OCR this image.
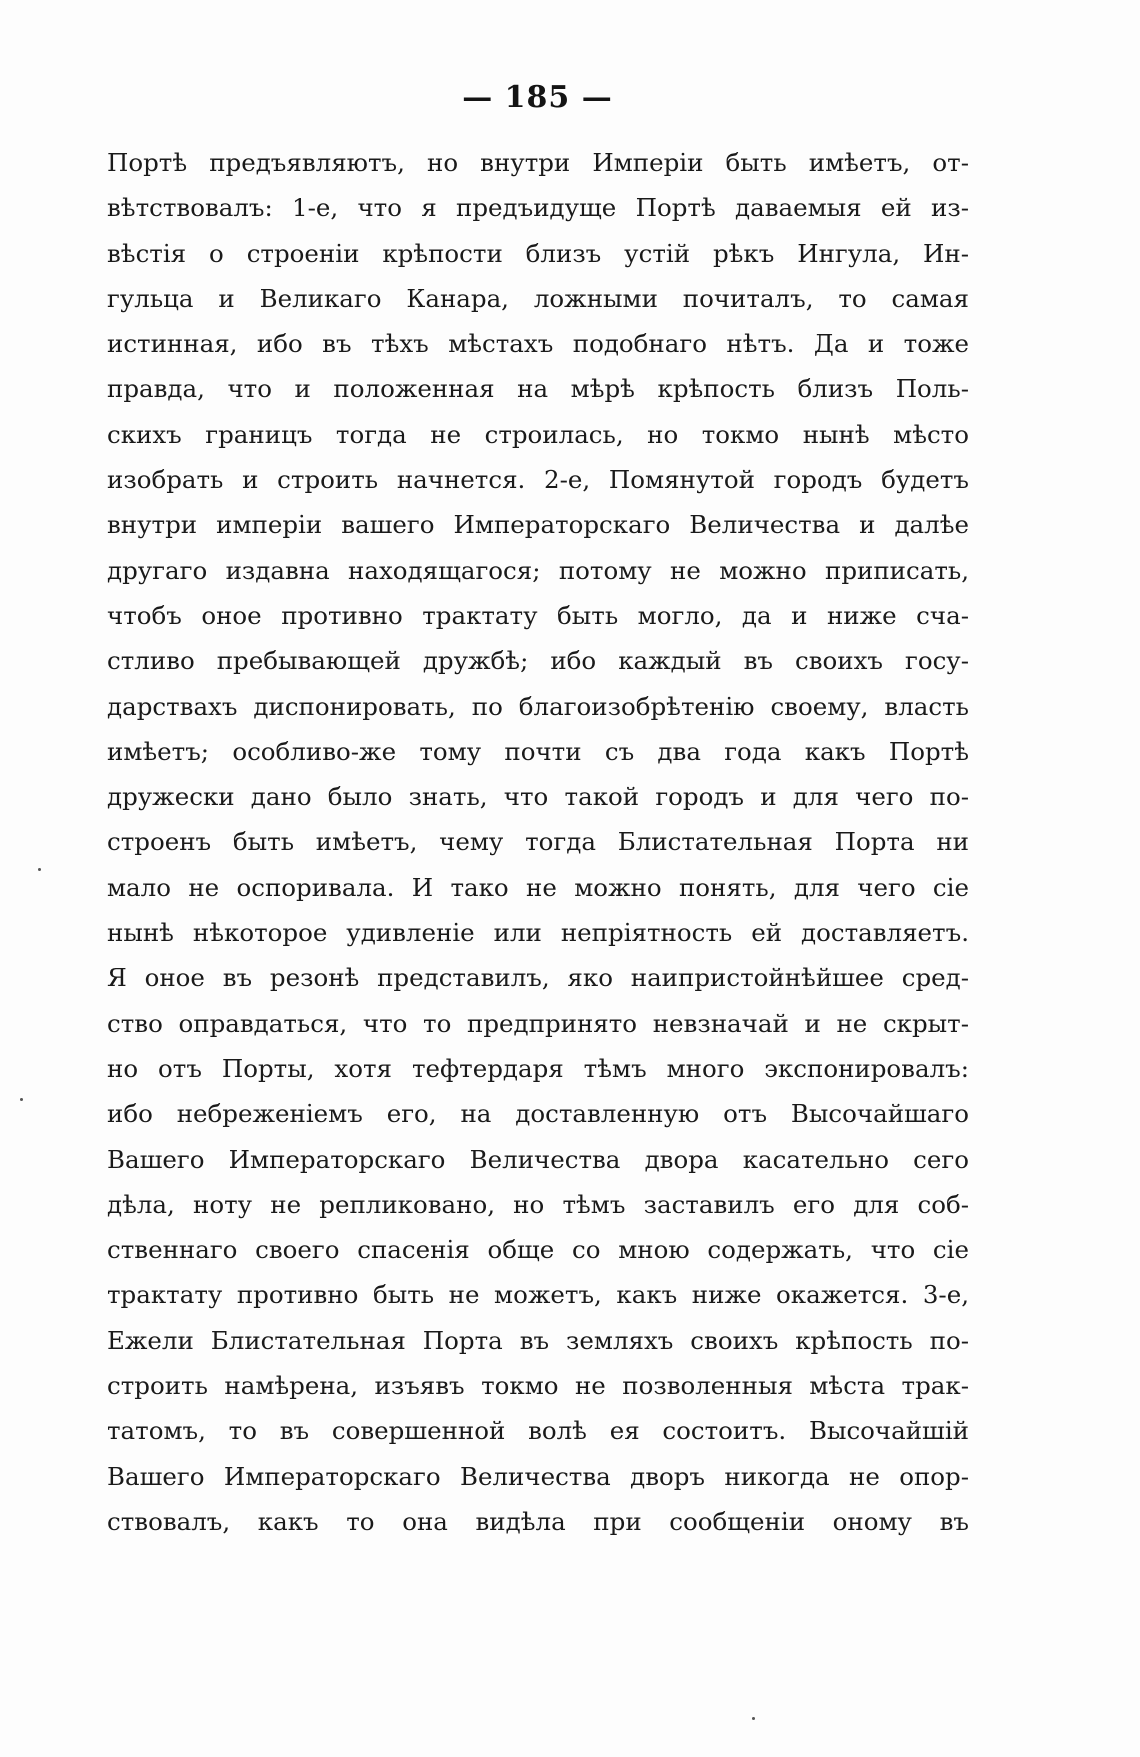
— 185 —
Портѣ предъявляютъ, но внутри Имперіи быть имѣетъ, от-
вѣтствовалъ: 1-е, что я предъидуще Портѣ даваемыя ей из-
вѣстія о строеніи крѣпости близъ устій рѣкъ Ингула, Ин-
гульца и Великаго Канара, ложными почиталъ, то самая
истинная, ибо въ тѣхъ мѣстахъ подобнаго нѣтъ. Да и тоже
правда, что и положенная на мѣрѣ крѣпость близъ Поль-
скихъ границъ тогда не строилась, но токмо нынѣ мѣсто
изобрать и строить начнется. 2-е, Помянутой городъ будетъ
внутри имперіи вашего Императорскаго Величества и далѣе
другаго издавна находящагося; потому не можно приписать,
чтобъ оное противно трактату быть могло, да и ниже сча-
стливо пребывающей дружбѣ; ибо каждый въ своихъ госу-
дарствахъ диспонировать, по благоизобрѣтенію своему, власть
имѣетъ; особливо-же тому почти съ два года какъ Портѣ
дружески дано было знать, что такой городъ и для чего по-
строенъ быть имѣетъ, чему тогда Блистательная Порта ни
мало не оспоривала. И тако не можно понять, для чего сіе
нынѣ нѣкоторое удивленіе или непріятность ей доставляетъ.
Я оное въ резонѣ представилъ, яко наипристойнѣйшее сред-
ство оправдаться, что то предпринято невзначай и не скрыт-
но отъ Порты, хотя тефтердаря тѣмъ много экспонировалъ:
ибо небреженіемъ его, на доставленную отъ Высочайшаго
Вашего Императорскаго Величества двора касательно сего
дѣла, ноту не репликовано, но тѣмъ заставилъ его для соб-
ственнаго своего спасенія обще со мною содержать, что сіе
трактату противно быть не можетъ, какъ ниже окажется. 3-е,
Ежели Блистательная Порта въ земляхъ своихъ крѣпость по-
строить намѣрена, изъявъ токмо не позволенныя мѣста трак-
татомъ, то въ совершенной волѣ ея состоитъ. Высочайшій
Вашего Императорскаго Величества дворъ никогда не опор-
ствовалъ, какъ то она видѣла при сообщеніи оному въ
